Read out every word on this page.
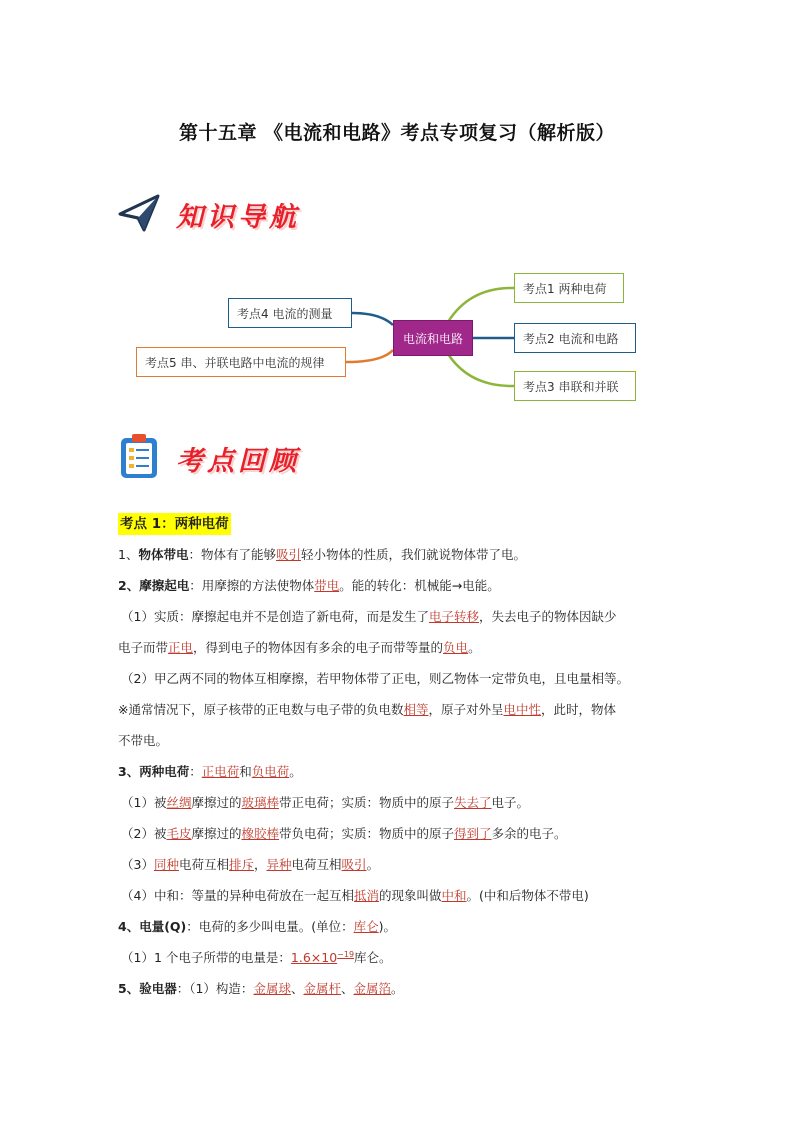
第十五章 《电流和电路》考点专项复习（解析版）
知识导航
电流和电路
考点1 两种电荷
考点2 电流和电路
考点3 串联和并联
考点4 电流的测量
考点5 串、并联电路中电流的规律
考点回顾

考点 1：两种电荷

1、物体带电：物体有了能够吸引轻小物体的性质，我们就说物体带了电。

2、摩擦起电：用摩擦的方法使物体带电。能的转化：机械能→电能。

（1）实质：摩擦起电并不是创造了新电荷，而是发生了电子转移，失去电子的物体因缺少

电子而带正电，得到电子的物体因有多余的电子而带等量的负电。

（2）甲乙两不同的物体互相摩擦，若甲物体带了正电，则乙物体一定带负电，且电量相等。

※通常情况下，原子核带的正电数与电子带的负电数相等，原子对外呈电中性，此时，物体

不带电。

3、两种电荷：正电荷和负电荷。

（1）被丝绸摩擦过的玻璃棒带正电荷；实质：物质中的原子失去了电子。

（2）被毛皮摩擦过的橡胶棒带负电荷；实质：物质中的原子得到了多余的电子。

（3）同种电荷互相排斥，异种电荷互相吸引。

（4）中和：等量的异种电荷放在一起互相抵消的现象叫做中和。(中和后物体不带电)

4、电量(Q)：电荷的多少叫电量。(单位：库仑)。

（1）1 个电子所带的电量是：$1.6\times 10^{-19}$库仑。

5、验电器：（1）构造：金属球、金属杆、金属箔。
